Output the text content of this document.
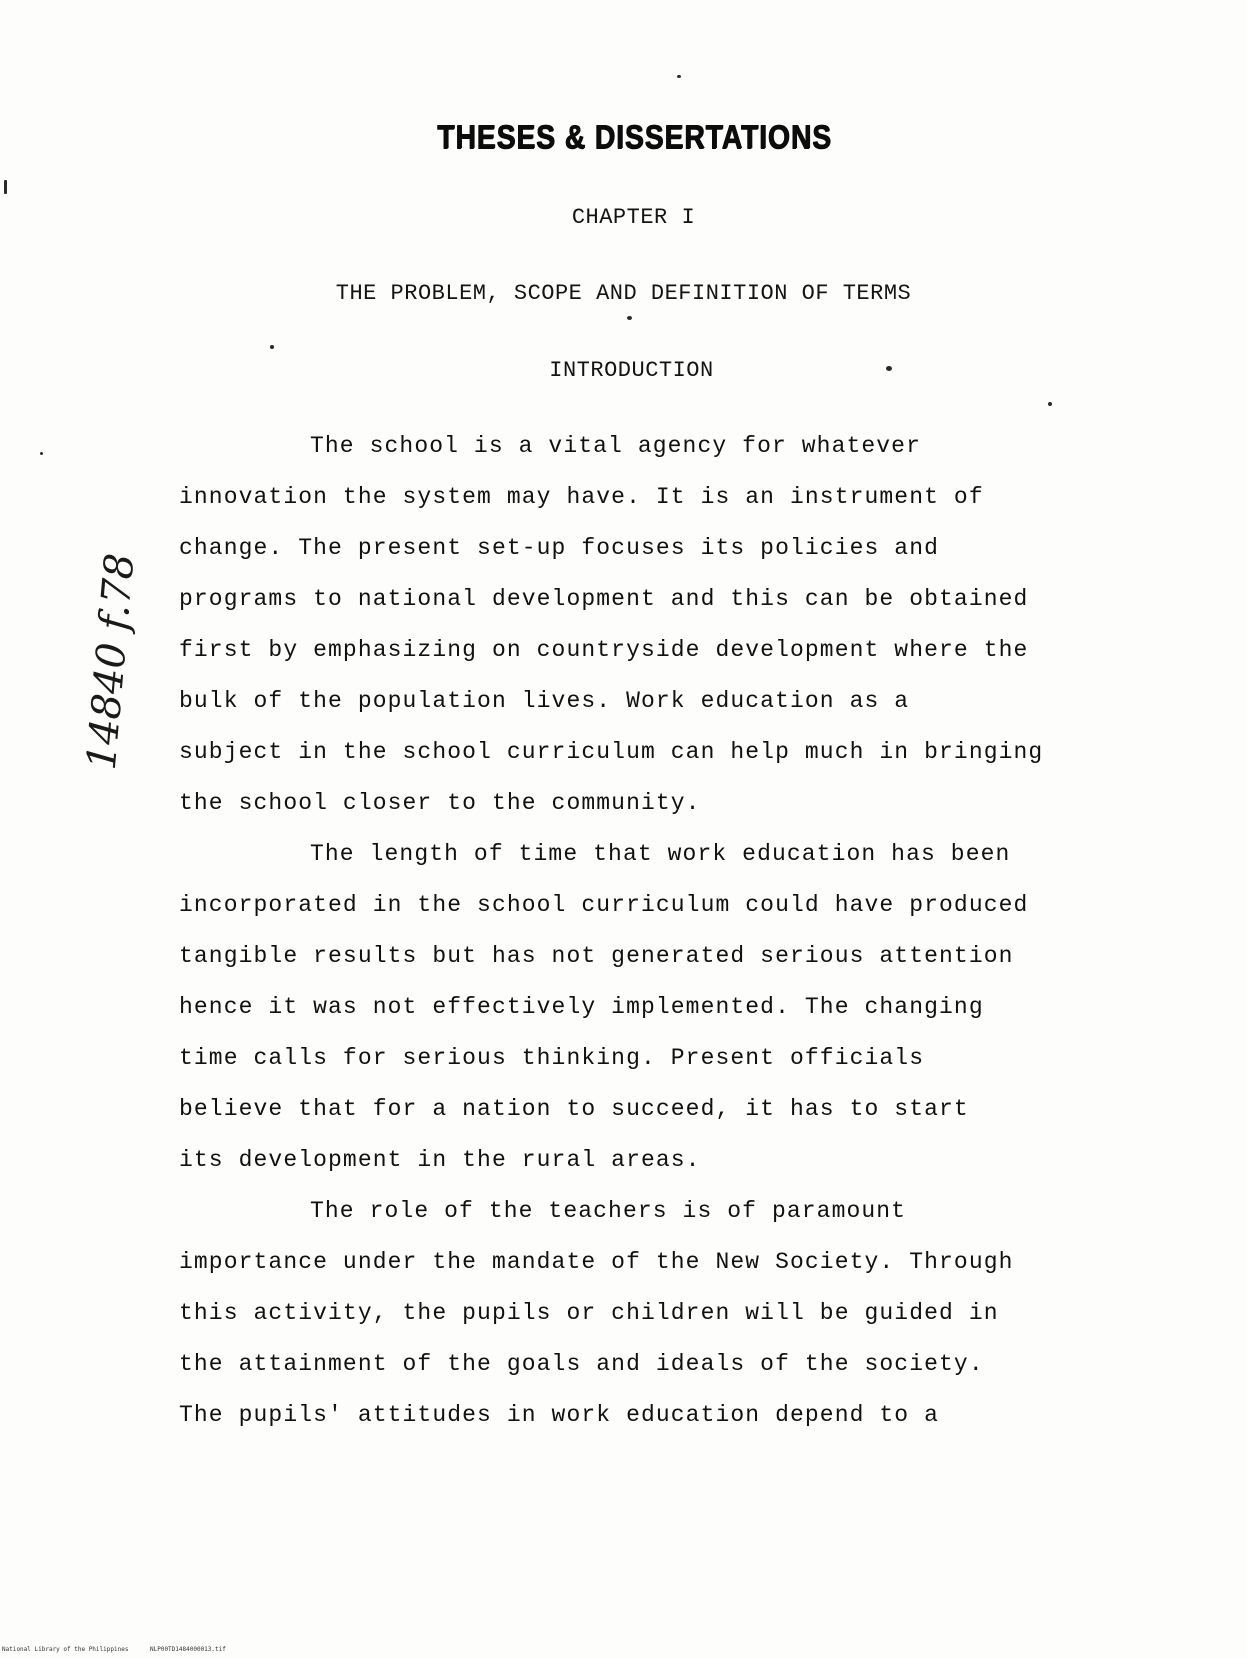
THESES & DISSERTATIONS
CHAPTER I
THE PROBLEM, SCOPE AND DEFINITION OF TERMS
INTRODUCTION
The school is a vital agency for whatever
innovation the system may have. It is an instrument of
change. The present set-up focuses its policies and
programs to national development and this can be obtained
first by emphasizing on countryside development where the
bulk of the population lives. Work education as a
subject in the school curriculum can help much in bringing
the school closer to the community.
The length of time that work education has been
incorporated in the school curriculum could have produced
tangible results but has not generated serious attention
hence it was not effectively implemented. The changing
time calls for serious thinking. Present officials
believe that for a nation to succeed, it has to start
its development in the rural areas.
The role of the teachers is of paramount
importance under the mandate of the New Society. Through
this activity, the pupils or children will be guided in
the attainment of the goals and ideals of the society.
The pupils' attitudes in work education depend to a
14840 f.78
National Library of the Philippines	NLP00TD1484000013.tif
